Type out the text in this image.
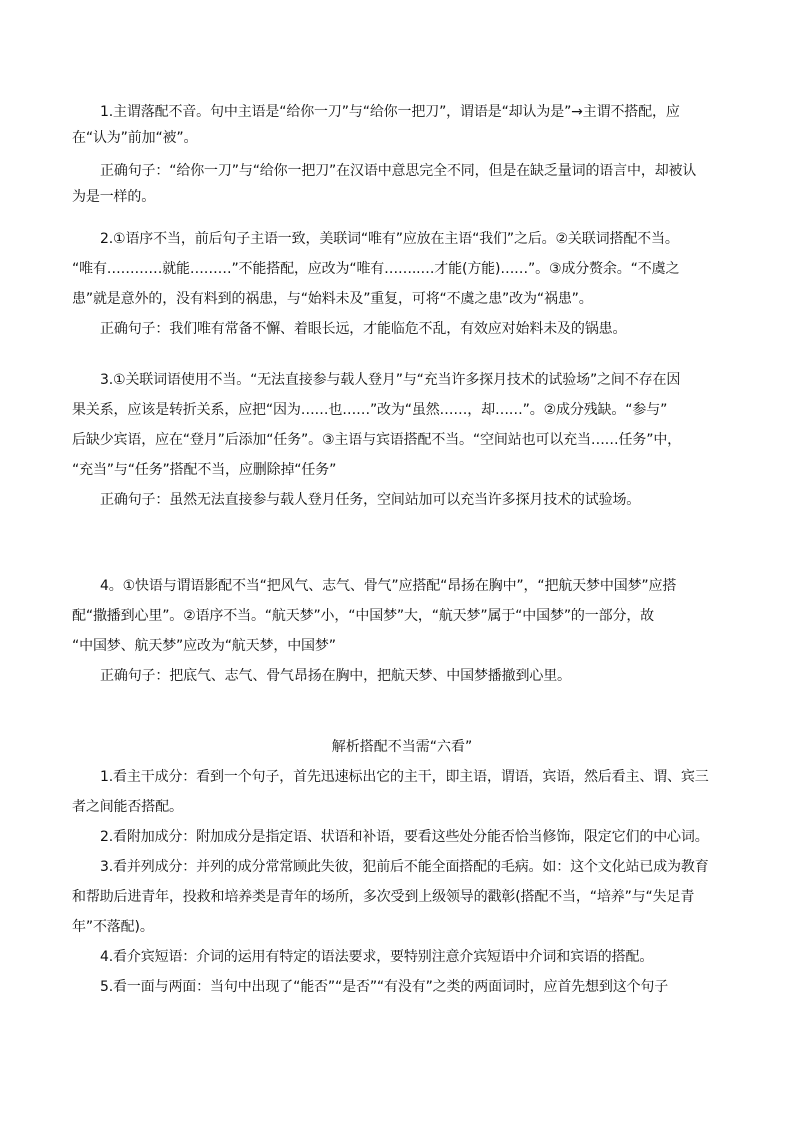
1.主谓落配不音。句中主语是“给你一刀”与“给你一把刀”，谓语是“却认为是”→主谓不搭配，应
在“认为”前加“被”。
正确句子：“给你一刀”与“给你一把刀”在汉语中意思完全不同，但是在缺乏量词的语言中，却被认
为是一样的。
2.①语序不当，前后句子主语一致，美联词“唯有”应放在主语“我们”之后。②关联词搭配不当。
“唯有…………就能………”不能搭配，应改为“唯有……..…才能(方能)……”。③成分赘余。“不虞之
患”就是意外的，没有料到的祸患，与“始料未及”重复，可将“不虞之患”改为“祸患”。
正确句子：我们唯有常备不懈、着眼长远，才能临危不乱，有效应对始料未及的锅患。
3.①关联词语使用不当。“无法直接参与载人登月”与“充当许多探月技术的试验场”之间不存在因
果关系，应该是转折关系，应把“因为……也……”改为“虽然……，却……”。②成分残缺。“参与”
后缺少宾语，应在“登月”后添加“任务”。③主语与宾语搭配不当。“空间站也可以充当……任务”中，
“充当”与“任务”搭配不当，应删除掉“任务”
正确句子：虽然无法直接参与载人登月任务，空间站加可以充当许多探月技术的试验场。
4。①快语与谓语影配不当“把风气、志气、骨气”应搭配“昂扬在胸中”，“把航天梦中国梦”应搭
配“撒播到心里”。②语序不当。“航天梦”小，“中国梦”大，“航天梦”属于“中国梦”的一部分，故
“中国梦、航天梦”应改为“航天梦，中国梦”
正确句子：把底气、志气、骨气昂扬在胸中，把航天梦、中国梦播撤到心里。
解析搭配不当需“六看”
1.看主干成分：看到一个句子，首先迅速标出它的主干，即主语，谓语，宾语，然后看主、谓、宾三
者之间能否搭配。
2.看附加成分：附加成分是指定语、状语和补语，要看这些处分能否恰当修饰，限定它们的中心词。
3.看并列成分：并列的成分常常顾此失彼，犯前后不能全面搭配的毛病。如：这个文化站已成为教育
和帮助后进青年，投救和培养类是青年的场所，多次受到上级领导的戳彰(搭配不当，“培养”与“失足青
年”不落配)。
4.看介宾短语：介词的运用有特定的语法要求，要特别注意介宾短语中介词和宾语的搭配。
5.看一面与两面：当句中出现了“能否”“是否”“有没有”之类的两面词时，应首先想到这个句子
